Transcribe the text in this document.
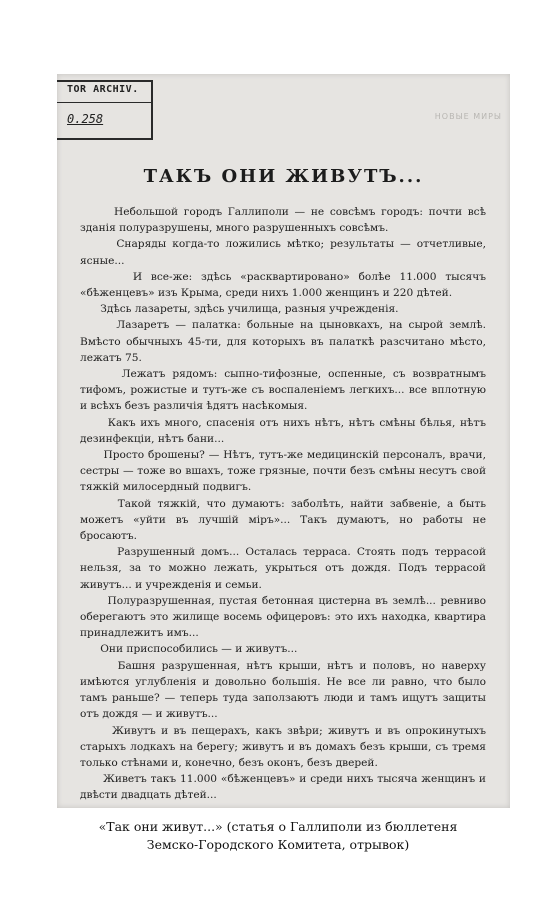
TOR ARCHIV.
0.258	НОВЫЕ МИРЫ
ТАКЪ ОНИ ЖИВУТЪ...

Небольшой городъ Галлиполи — не совсѣмъ городъ: почти всѣ зданія полуразрушены, много разрушенныхъ совсѣмъ.

Снаряды когда-то ложились мѣтко; результаты — отчетливые, ясные...

И все-же: здѣсь «расквартировано» болѣе 11.000 тысячъ «бѣженцевъ» изъ Крыма, среди нихъ 1.000 женщинъ и 220 дѣтей.

Здѣсь лазареты, здѣсь училища, разныя учрежденія.

Лазаретъ — палатка: больные на цыновкахъ, на сырой землѣ. Вмѣсто обычныхъ 45-ти, для которыхъ въ палаткѣ разсчитано мѣсто, лежатъ 75.

Лежатъ рядомъ: сыпно-тифозные, оспенные, съ возвратнымъ тифомъ, рожистые и тутъ-же съ воспаленіемъ легкихъ... все вплотную и всѣхъ безъ различія ѣдятъ насѣкомыя.

Какъ ихъ много, спасенія отъ нихъ нѣтъ, нѣтъ смѣны бѣлья, нѣтъ дезинфекціи, нѣтъ бани...

Просто брошены? — Нѣтъ, тутъ-же медицинскій персоналъ, врачи, сестры — тоже во вшахъ, тоже грязные, почти безъ смѣны несутъ свой тяжкій милосердный подвигъ.

Такой тяжкій, что думаютъ: заболѣть, найти забвеніе, а быть можетъ «уйти въ лучшій міръ»... Такъ думаютъ, но работы не бросаютъ.

Разрушенный домъ... Осталась терраса. Стоять подъ террасой нельзя, за то можно лежать, укрыться отъ дождя. Подъ террасой живутъ... и учрежденія и семьи.

Полуразрушенная, пустая бетонная цистерна въ землѣ... ревниво оберегаютъ это жилище восемь офицеровъ: это ихъ находка, квартира принадлежитъ имъ...

Они приспособились — и живутъ...

Башня разрушенная, нѣтъ крыши, нѣтъ и половъ, но наверху имѣются углубленія и довольно большія. Не все ли равно, что было тамъ раньше? — теперь туда заползаютъ люди и тамъ ищутъ защиты отъ дождя — и живутъ...

Живутъ и въ пещерахъ, какъ звѣри; живутъ и въ опрокинутыхъ старыхъ лодкахъ на берегу; живутъ и въ домахъ безъ крыши, съ тремя только стѣнами и, конечно, безъ оконъ, безъ дверей.

Живетъ такъ 11.000 «бѣженцевъ» и среди нихъ тысяча женщинъ и двѣсти двадцать дѣтей...

«Так они живут...» (статья о Галлиполи из бюллетеня
Земско-Городского Комитета, отрывок)
